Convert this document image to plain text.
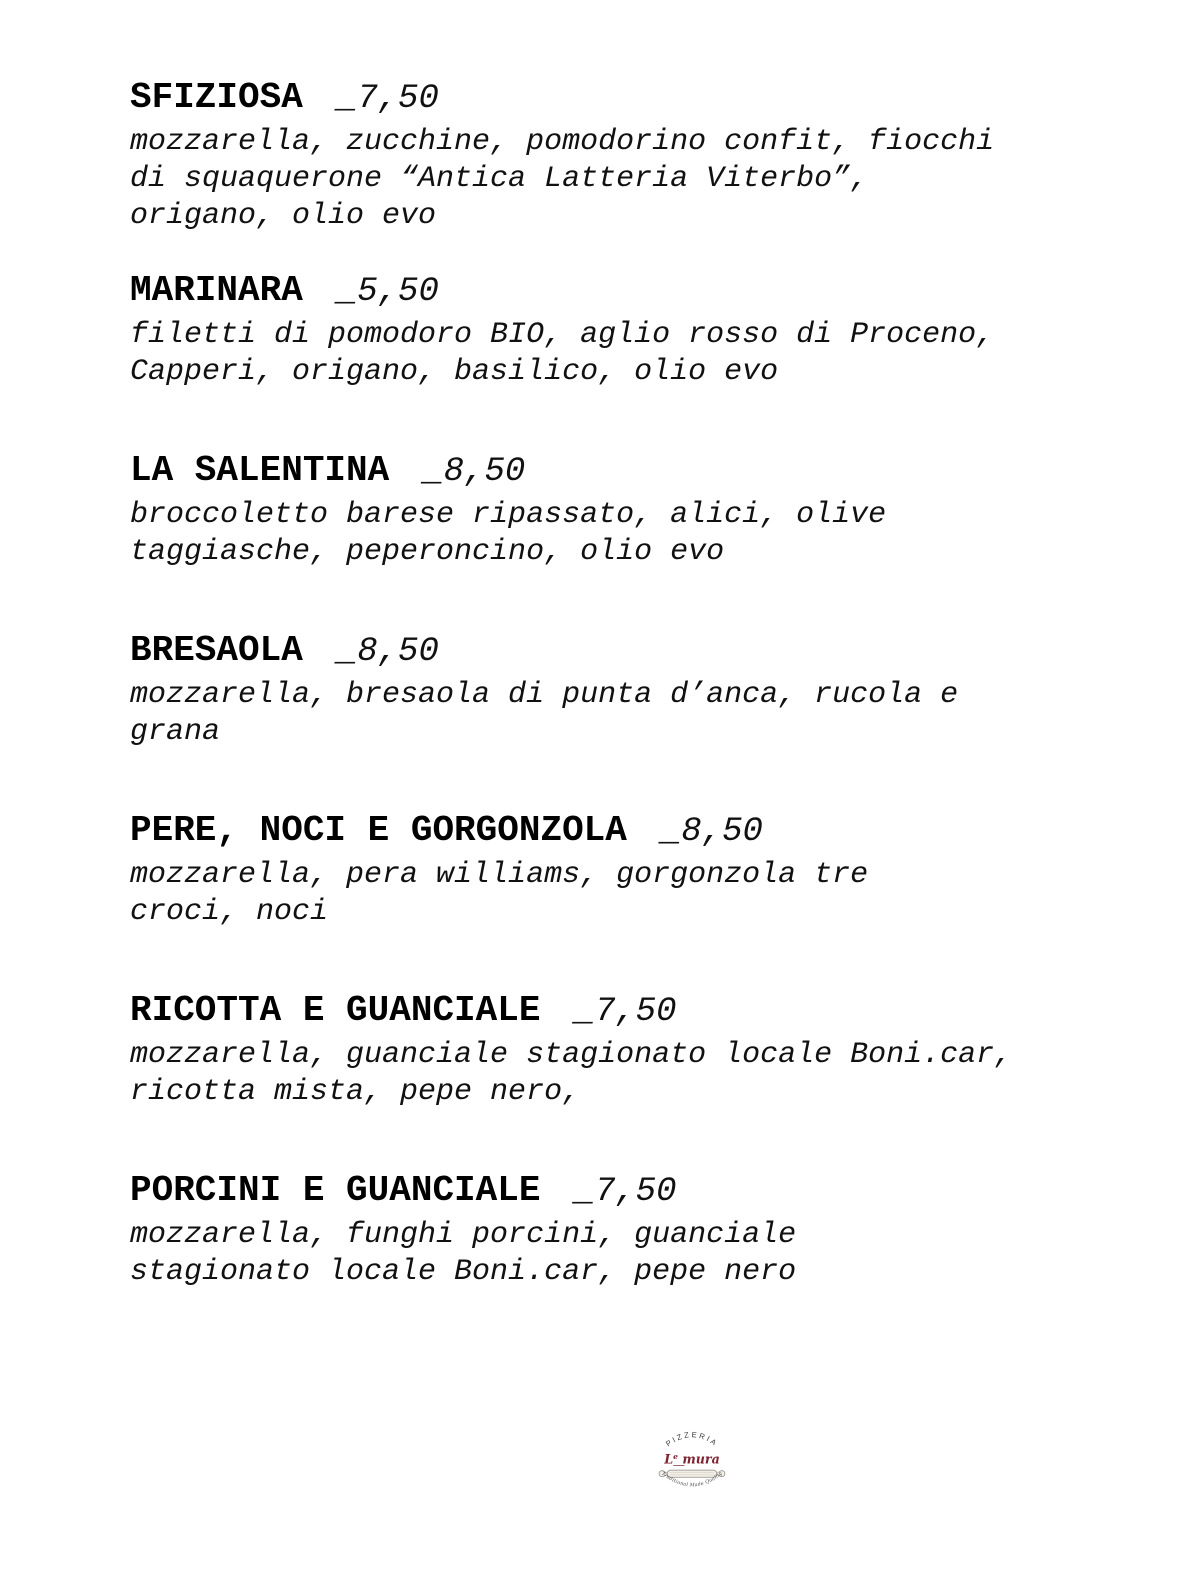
SFIZIOSA _7,50
mozzarella, zucchine, pomodorino confit, fiocchi
di squaquerone “Antica Latteria Viterbo”,
origano, olio evo
MARINARA _5,50
filetti di pomodoro BIO, aglio rosso di Proceno,
Capperi, origano, basilico, olio evo
LA SALENTINA _8,50
broccoletto barese ripassato, alici, olive
taggiasche, peperoncino, olio evo
BRESAOLA _8,50
mozzarella, bresaola di punta d’anca, rucola e
grana
PERE, NOCI E GORGONZOLA _8,50
mozzarella, pera williams, gorgonzola tre
croci, noci
RICOTTA E GUANCIALE _7,50
mozzarella, guanciale stagionato locale Boni.car,
ricotta mista, pepe nero,
PORCINI E GUANCIALE _7,50
mozzarella, funghi porcini, guanciale
stagionato locale Boni.car, pepe nero
PIZZERIA
Le mura
Traditional Made Quality
